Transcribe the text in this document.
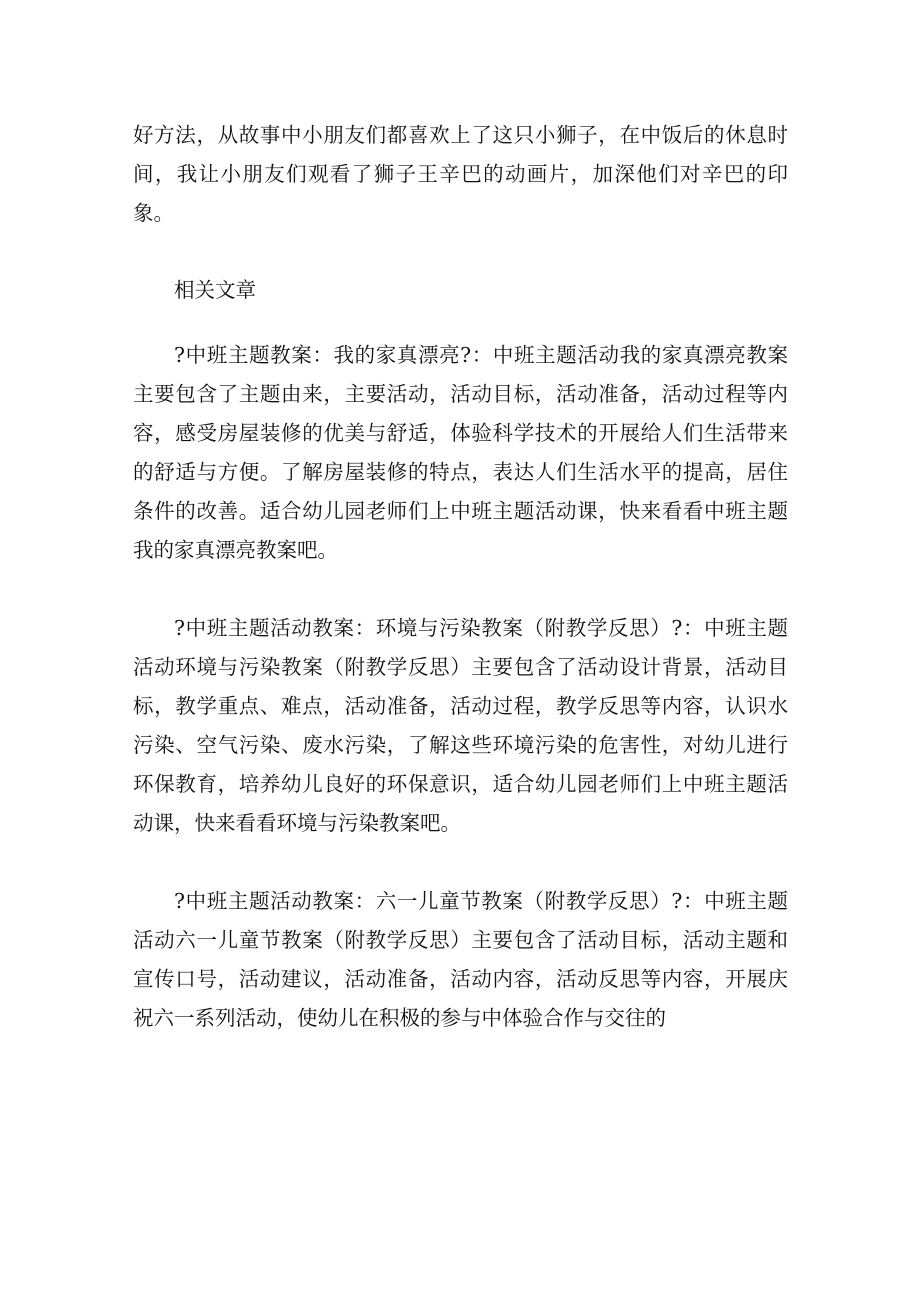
好方法，从故事中小朋友们都喜欢上了这只小狮子，在中饭后的休息时间，我让小朋友们观看了狮子王辛巴的动画片，加深他们对辛巴的印象。

相关文章

?中班主题教案：我的家真漂亮?：中班主题活动我的家真漂亮教案主要包含了主题由来，主要活动，活动目标，活动准备，活动过程等内容，感受房屋装修的优美与舒适，体验科学技术的开展给人们生活带来的舒适与方便。了解房屋装修的特点，表达人们生活水平的提高，居住条件的改善。适合幼儿园老师们上中班主题活动课，快来看看中班主题我的家真漂亮教案吧。

?中班主题活动教案：环境与污染教案（附教学反思）?：中班主题活动环境与污染教案（附教学反思）主要包含了活动设计背景，活动目标，教学重点、难点，活动准备，活动过程，教学反思等内容，认识水污染、空气污染、废水污染，了解这些环境污染的危害性，对幼儿进行环保教育，培养幼儿良好的环保意识，适合幼儿园老师们上中班主题活动课，快来看看环境与污染教案吧。

?中班主题活动教案：六一儿童节教案（附教学反思）?：中班主题活动六一儿童节教案（附教学反思）主要包含了活动目标，活动主题和宣传口号，活动建议，活动准备，活动内容，活动反思等内容，开展庆祝六一系列活动，使幼儿在积极的参与中体验合作与交往的
